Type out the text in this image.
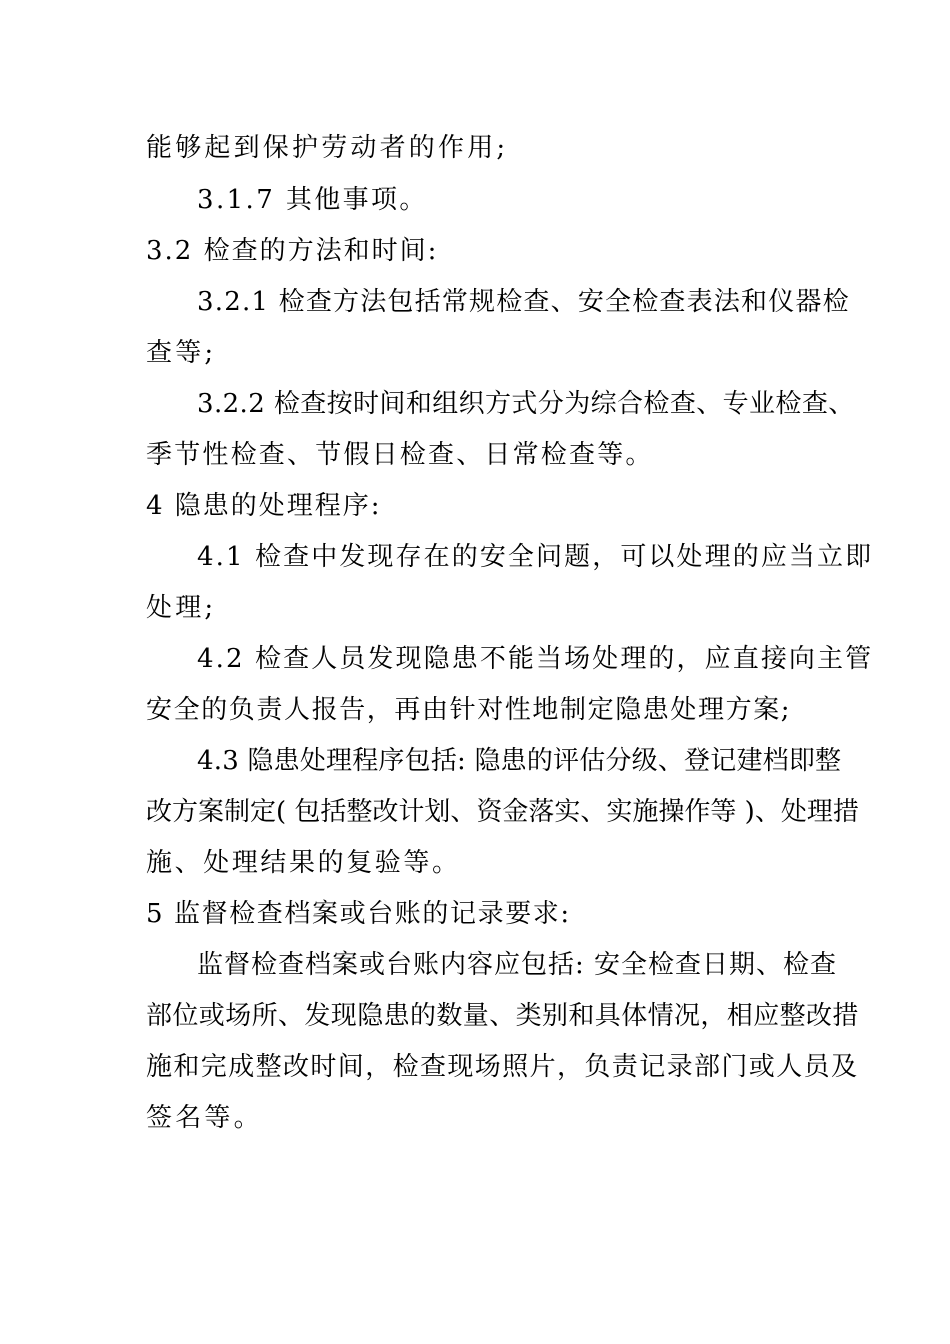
能够起到保护劳动者的作用;
3.1.7 其他事项。
3.2 检查的方法和时间:
3.2.1 检查方法包括常规检查、安全检查表法和仪器检
查等;
3.2.2 检查按时间和组织方式分为综合检查、专业检查、
季节性检查、节假日检查、日常检查等。
4 隐患的处理程序:
4.1 检查中发现存在的安全问题，可以处理的应当立即
处理;
4.2 检查人员发现隐患不能当场处理的，应直接向主管
安全的负责人报告，再由针对性地制定隐患处理方案;
4.3 隐患处理程序包括: 隐患的评估分级、登记建档即整
改方案制定( 包括整改计划、资金落实、实施操作等 )、处理措
施、处理结果的复验等。
5 监督检查档案或台账的记录要求:
监督检查档案或台账内容应包括: 安全检查日期、检查
部位或场所、发现隐患的数量、类别和具体情况，相应整改措
施和完成整改时间，检查现场照片，负责记录部门或人员及
签名等。
